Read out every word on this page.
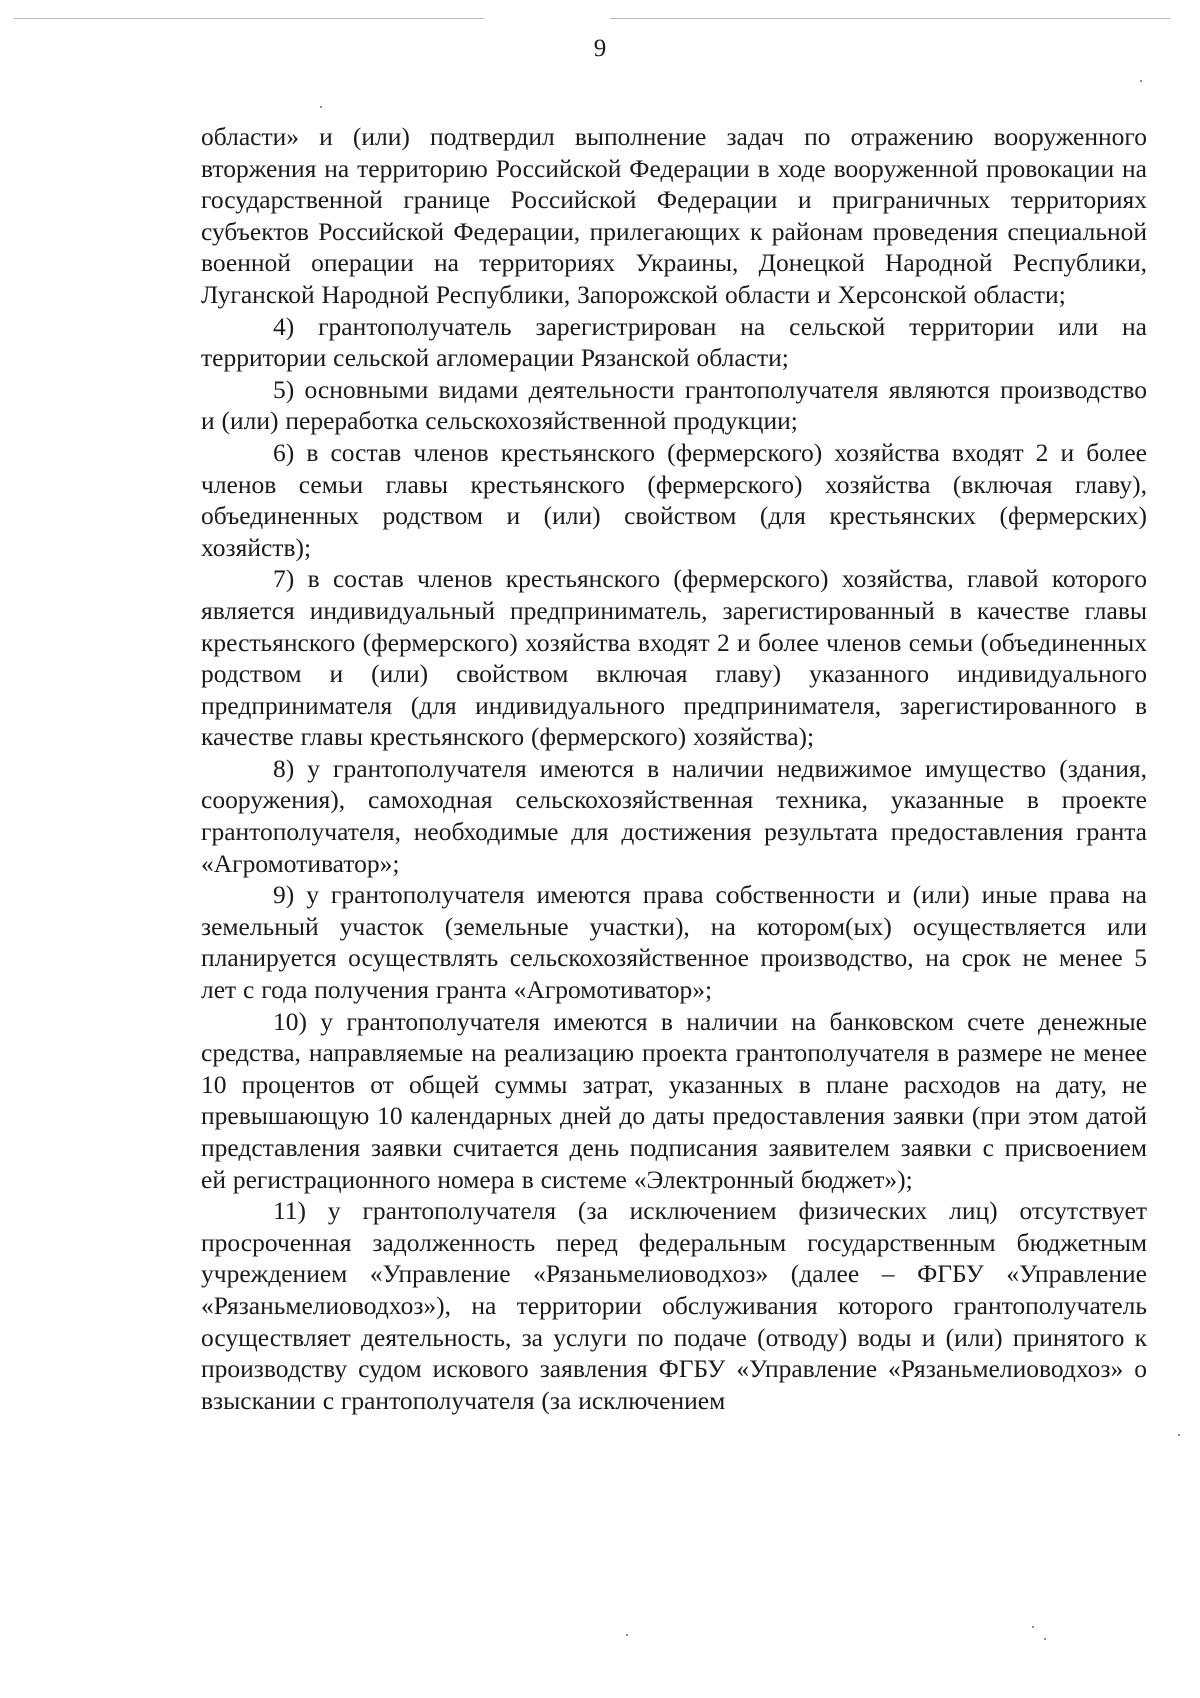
9

области» и (или) подтвердил выполнение задач по отражению вооруженного вторжения на территорию Российской Федерации в ходе вооруженной провокации на государственной границе Российской Федерации и приграничных территориях субъектов Российской Федерации, прилегающих к районам проведения специальной военной операции на территориях Украины, Донецкой Народной Республики, Луганской Народной Республики, Запорожской области и Херсонской области;

4) грантополучатель зарегистрирован на сельской территории или на территории сельской агломерации Рязанской области;

5) основными видами деятельности грантополучателя являются производство и (или) переработка сельскохозяйственной продукции;

6) в состав членов крестьянского (фермерского) хозяйства входят 2 и более членов семьи главы крестьянского (фермерского) хозяйства (включая главу), объединенных родством и (или) свойством (для крестьянских (фермерских) хозяйств);

7) в состав членов крестьянского (фермерского) хозяйства, главой которого является индивидуальный предприниматель, зарегистированный в качестве главы крестьянского (фермерского) хозяйства входят 2 и более членов семьи (объединенных родством и (или) свойством включая главу) указанного индивидуального предпринимателя (для индивидуального предпринимателя, зарегистированного в качестве главы крестьянского (фермерского) хозяйства);

8) у грантополучателя имеются в наличии недвижимое имущество (здания, сооружения), самоходная сельскохозяйственная техника, указанные в проекте грантополучателя, необходимые для достижения результата предоставления гранта «Агромотиватор»;

9) у грантополучателя имеются права собственности и (или) иные права на земельный участок (земельные участки), на котором(ых) осуществляется или планируется осуществлять сельскохозяйственное производство, на срок не менее 5 лет с года получения гранта «Агромотиватор»;

10) у грантополучателя имеются в наличии на банковском счете денежные средства, направляемые на реализацию проекта грантополучателя в размере не менее 10 процентов от общей суммы затрат, указанных в плане расходов на дату, не превышающую 10 календарных дней до даты предоставления заявки (при этом датой представления заявки считается день подписания заявителем заявки с присвоением ей регистрационного номера в системе «Электронный бюджет»);

11) у грантополучателя (за исключением физических лиц) отсутствует просроченная задолженность перед федеральным государственным бюджетным учреждением «Управление «Рязаньмелиоводхоз» (далее – ФГБУ «Управление «Рязаньмелиоводхоз»), на территории обслуживания которого грантополучатель осуществляет деятельность, за услуги по подаче (отводу) воды и (или) принятого к производству судом искового заявления ФГБУ «Управление «Рязаньмелиоводхоз» о взыскании с грантополучателя (за исключением
